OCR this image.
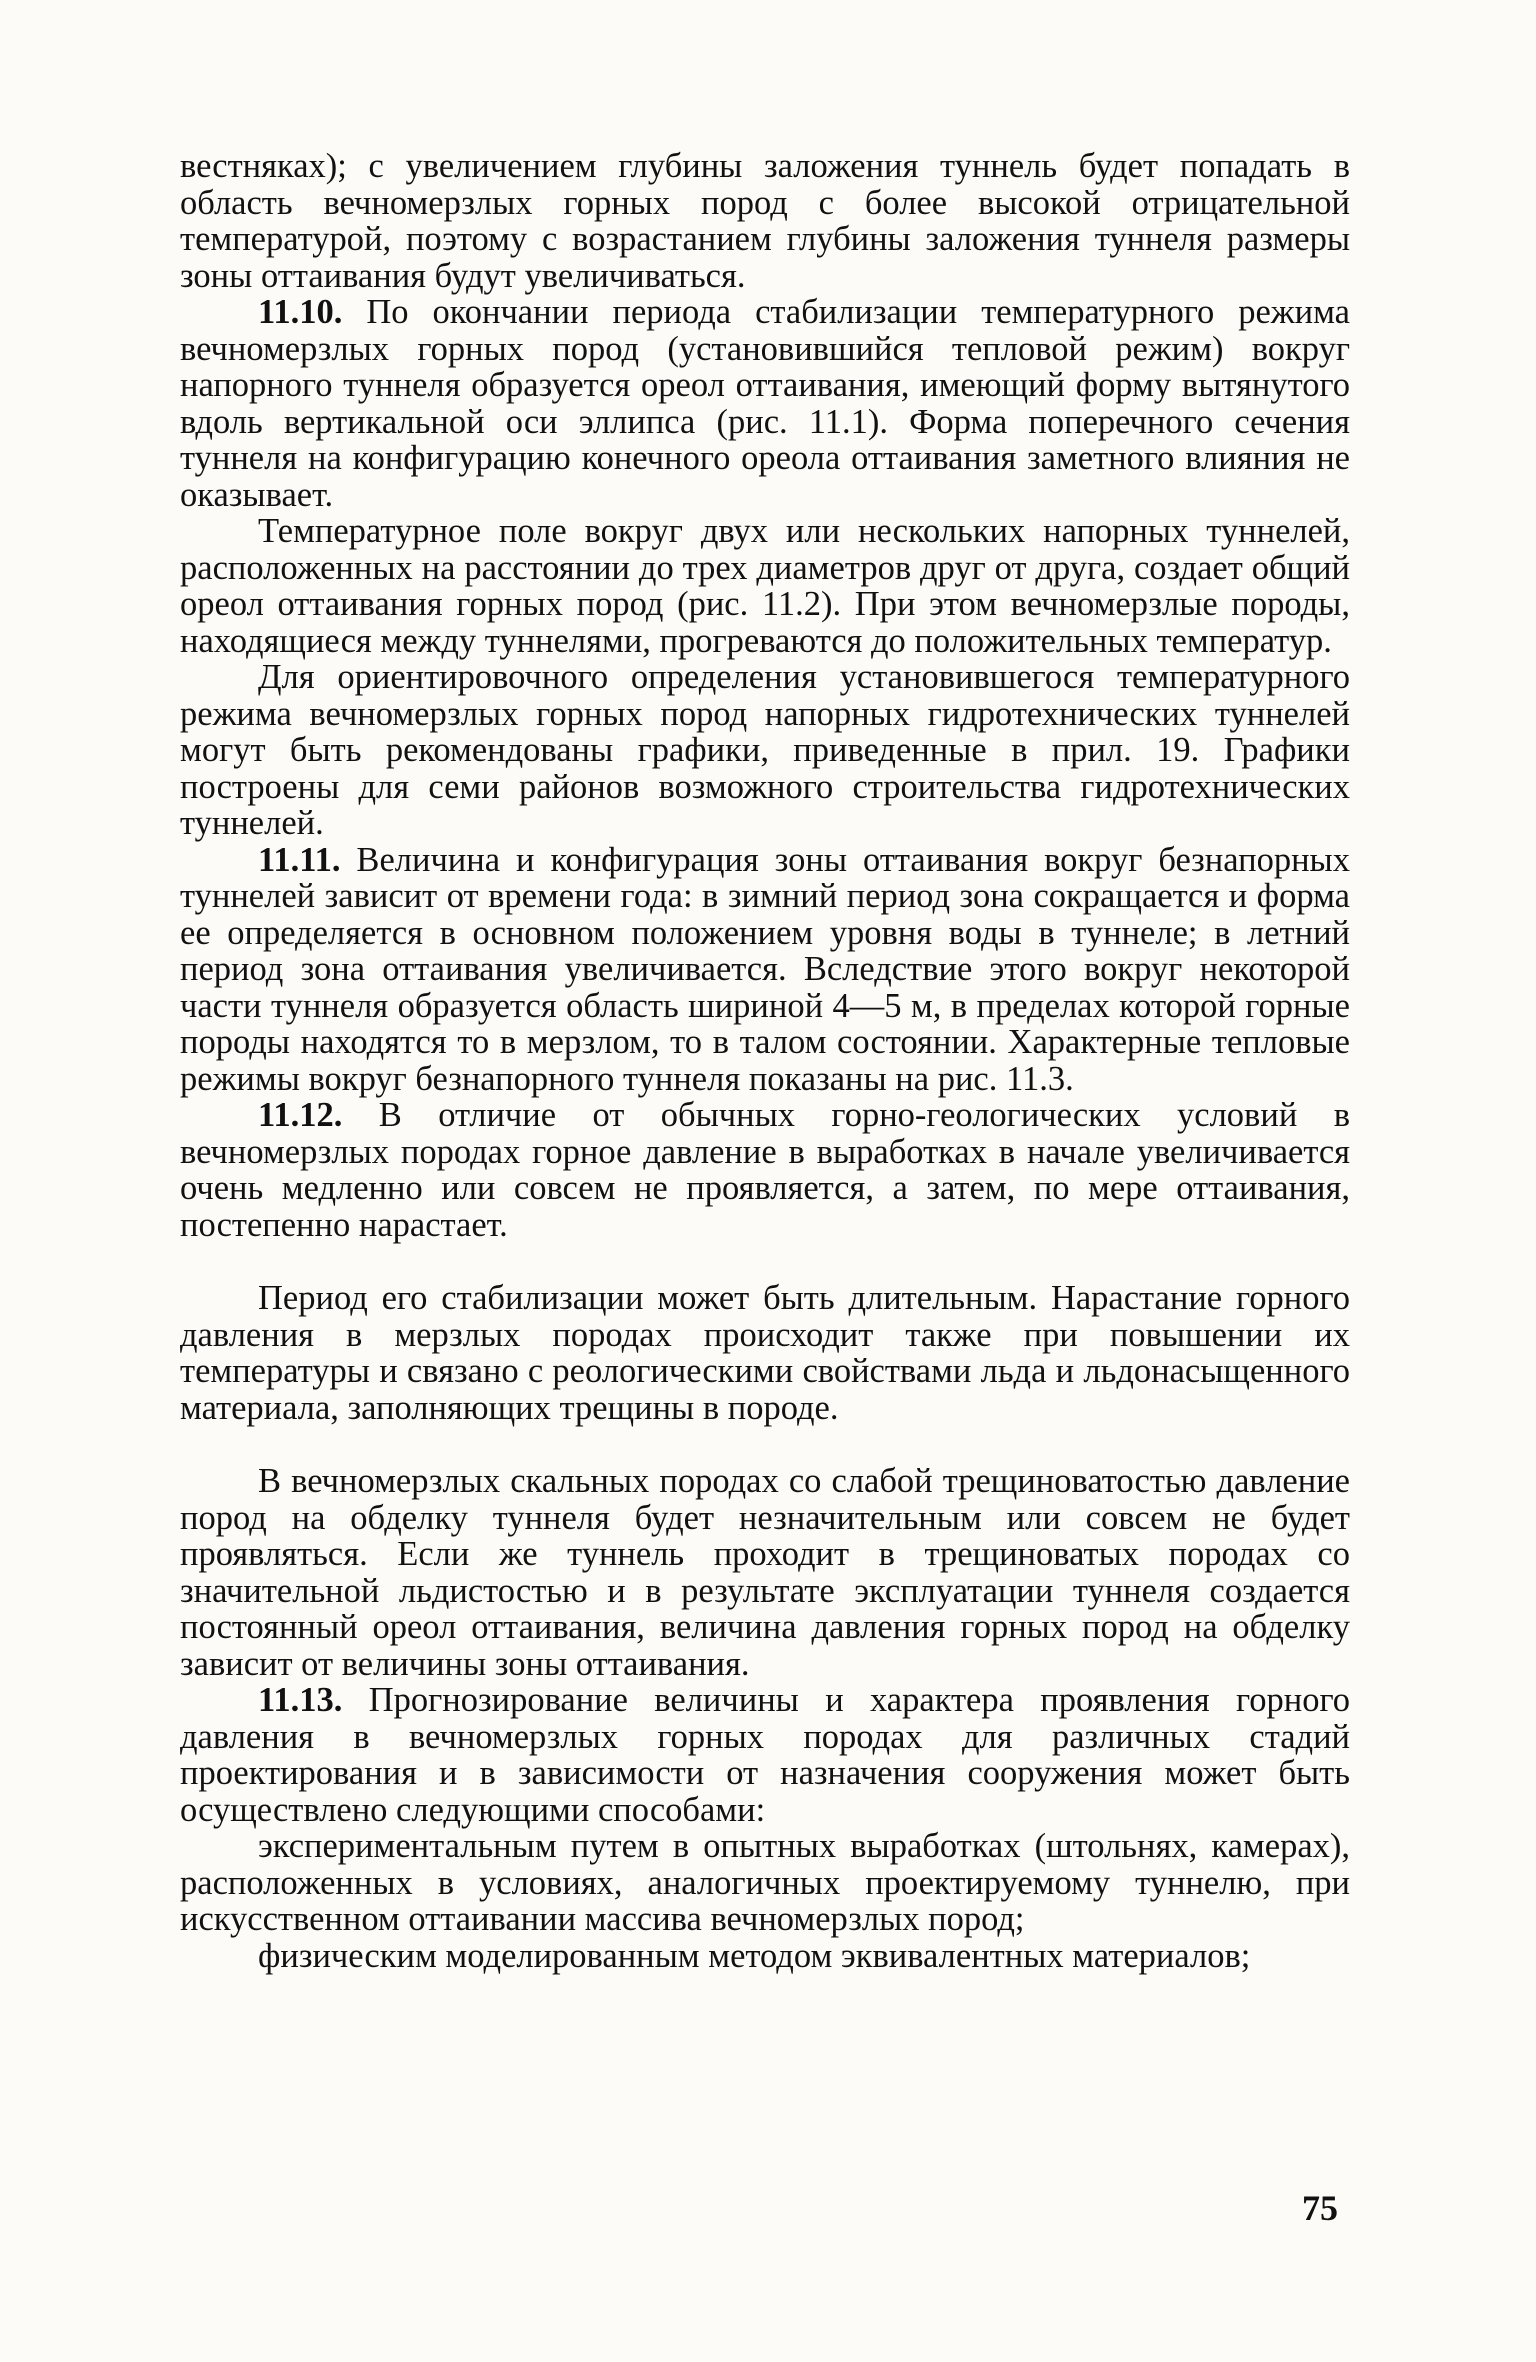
вестняках); с увеличением глубины заложения туннель будет попадать в область вечномерзлых горных пород с более высокой отрицательной температурой, поэтому с возрастанием глубины заложения туннеля размеры зоны оттаивания будут увеличиваться.

11.10. По окончании периода стабилизации температурного режима вечномерзлых горных пород (установившийся тепловой режим) вокруг напорного туннеля образуется ореол оттаивания, имеющий форму вытянутого вдоль вертикальной оси эллипса (рис. 11.1). Форма поперечного сечения туннеля на конфигурацию конечного ореола оттаивания заметного влияния не оказывает.

Температурное поле вокруг двух или нескольких напорных туннелей, расположенных на расстоянии до трех диаметров друг от друга, создает общий ореол оттаивания горных пород (рис. 11.2). При этом вечномерзлые породы, находящиеся между туннелями, прогреваются до положительных температур.

Для ориентировочного определения установившегося температурного режима вечномерзлых горных пород напорных гидротехнических туннелей могут быть рекомендованы графики, приведенные в прил. 19. Графики построены для семи районов возможного строительства гидротехнических туннелей.

11.11. Величина и конфигурация зоны оттаивания вокруг безнапорных туннелей зависит от времени года: в зимний период зона сокращается и форма ее определяется в основном положением уровня воды в туннеле; в летний период зона оттаивания увеличивается. Вследствие этого вокруг некоторой части туннеля образуется область шириной 4—5 м, в пределах которой горные породы находятся то в мерзлом, то в талом состоянии. Характерные тепловые режимы вокруг безнапорного туннеля показаны на рис. 11.3.

11.12. В отличие от обычных горно-геологических условий в вечномерзлых породах горное давление в выработках в начале увеличивается очень медленно или совсем не проявляется, а затем, по мере оттаивания, постепенно нарастает.

Период его стабилизации может быть длительным. Нарастание горного давления в мерзлых породах происходит также при повышении их температуры и связано с реологическими свойствами льда и льдонасыщенного материала, заполняющих трещины в породе.

В вечномерзлых скальных породах со слабой трещиноватостью давление пород на обделку туннеля будет незначительным или совсем не будет проявляться. Если же туннель проходит в трещиноватых породах со значительной льдистостью и в результате эксплуатации туннеля создается постоянный ореол оттаивания, величина давления горных пород на обделку зависит от величины зоны оттаивания.

11.13. Прогнозирование величины и характера проявления горного давления в вечномерзлых горных породах для различных стадий проектирования и в зависимости от назначения сооружения может быть осуществлено следующими способами:

экспериментальным путем в опытных выработках (штольнях, камерах), расположенных в условиях, аналогичных проектируемому туннелю, при искусственном оттаивании массива вечномерзлых пород;

физическим моделированным методом эквивалентных материалов;

75
